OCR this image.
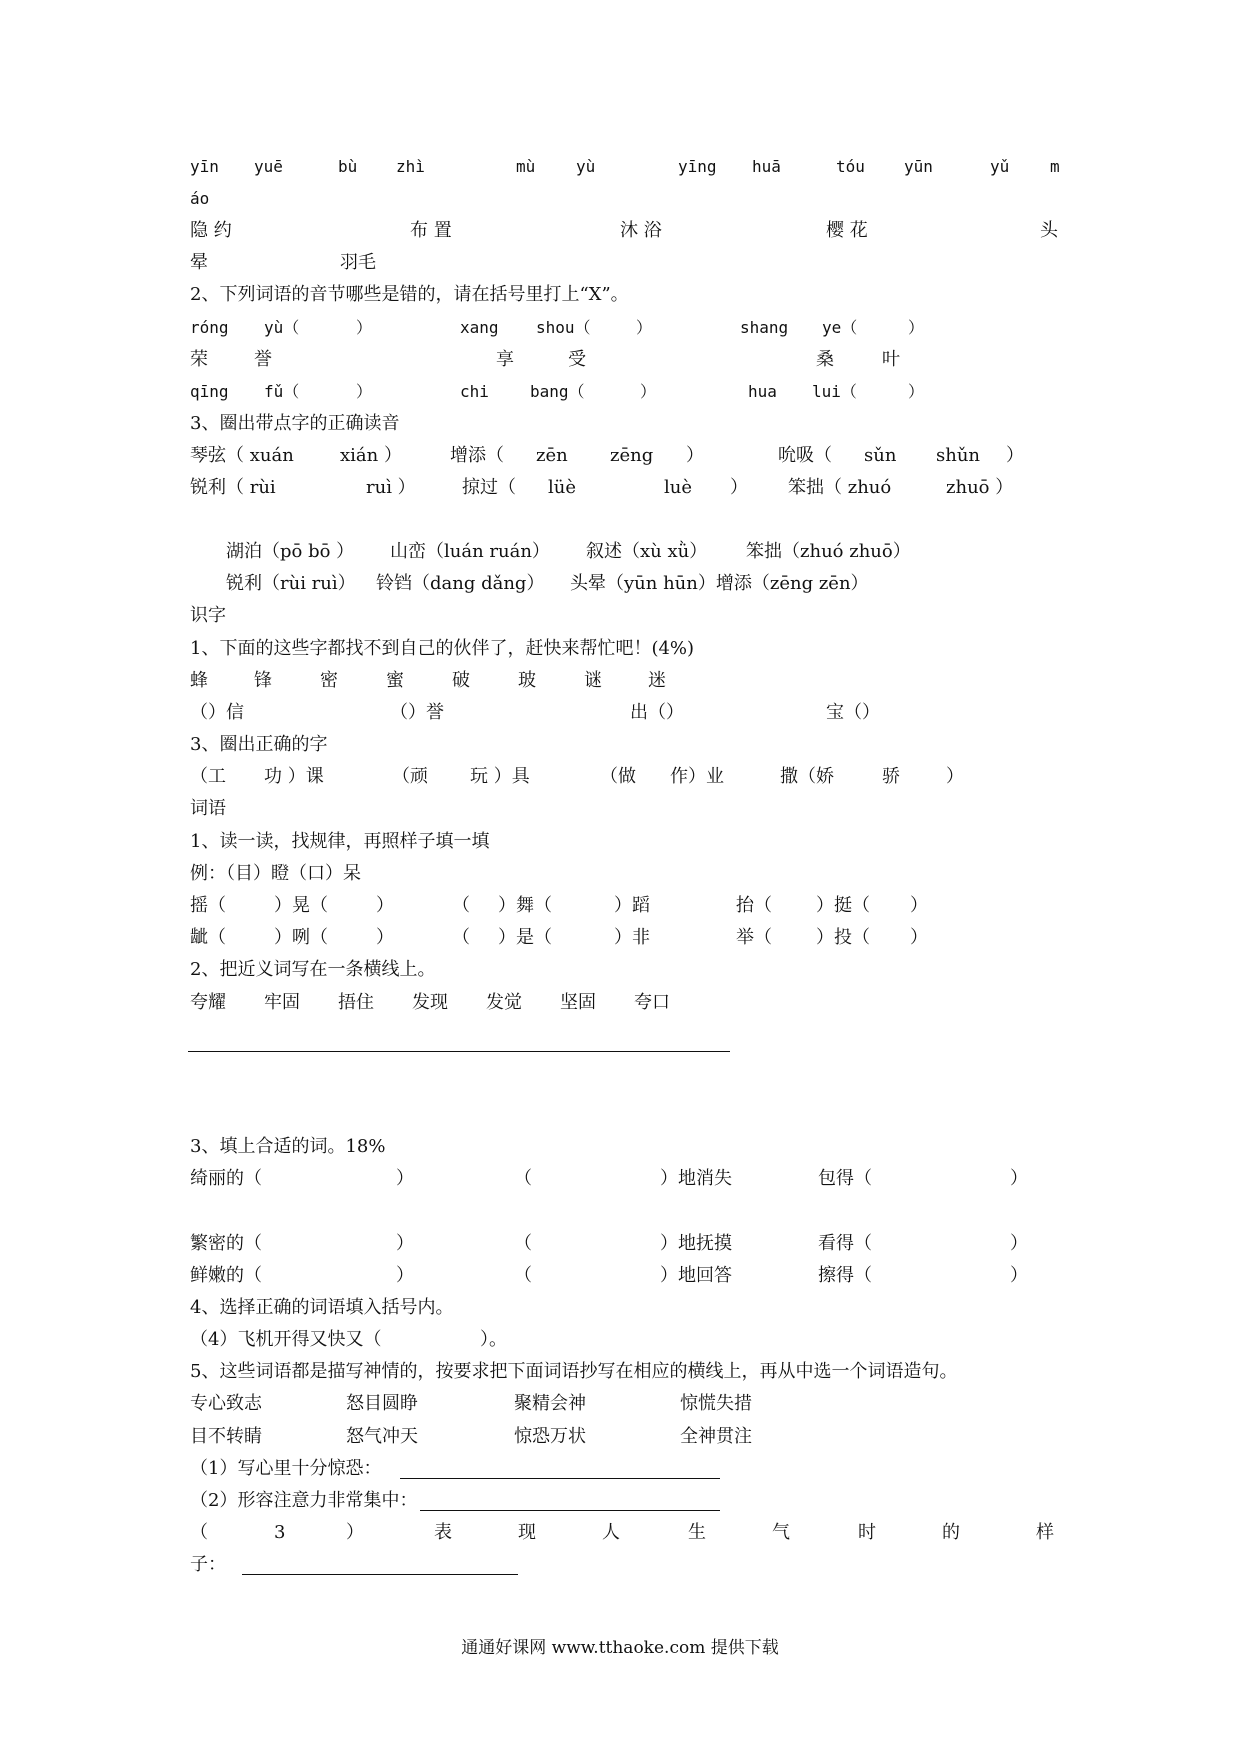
yīn yuē	bù zhì	mù	yù	yīng huā	tóu yūn	yǔ	m
áo
隐 约	布 置	沐 浴	樱 花	头
晕	羽毛
2、下列词语的音节哪些是错的，请在括号里打上“X”。
róng yù（	）	xang shou（	）	shang ye（	）
荣	誉	享	受	桑	叶
qīng fǔ（	）	chi	bang（	）	hua lui（	）
3、圈出带点字的正确读音
琴弦（ xuán	xián ）	增添（ zēn zēng ）	吮吸（ sǔn shǔn ）
锐利（ rùi	ruì ）	掠过（ lüè	luè ） 笨拙（ zhuó	zhuō ）
湖泊（pō bō ） 山峦（luán ruán） 叙述（xù xǜ） 笨拙（zhuó zhuō）
锐利（rùi ruì） 铃铛（dang dǎng） 头晕（yūn hūn）增添（zēng zēn）
识字
1、下面的这些字都找不到自己的伙伴了，赶快来帮忙吧！(4%)
蜂	锋	密	蜜	破	玻	谜	迷
（）信	（）誉	出（）	宝（）
3、圈出正确的字
（工 功 ）课	（顽 玩 ）具	（做 作）业	撒（娇	骄	）
词语
1、读一读，找规律，再照样子填一填
例：（目）瞪（口）呆
摇（	）晃（	）	（ ）舞（	）蹈	抬（ ）挺（ ）
龇（	）咧（	）	（ ）是（	）非	举（ ）投（ ）
2、把近义词写在一条横线上。
夸耀 牢固 捂住 发现 发觉 坚固 夸口
3、填上合适的词。18%
绮丽的（	）	（	）地消失	包得（	）
繁密的（	）	（	）地抚摸	看得（	）
鲜嫩的（	）	（	）地回答	擦得（	）
4、选择正确的词语填入括号内。
（4）飞机开得又快又（	）。
5、这些词语都是描写神情的，按要求把下面词语抄写在相应的横线上，再从中选一个词语造句。
专心致志	怒目圆睁	聚精会神	惊慌失措
目不转睛	怒气冲天	惊恐万状	全神贯注
（1）写心里十分惊恐：
（2）形容注意力非常集中：
（	3	）	表	现	人	生	气	时	的	样
子：
通通好课网 www.tthaoke.com 提供下载
